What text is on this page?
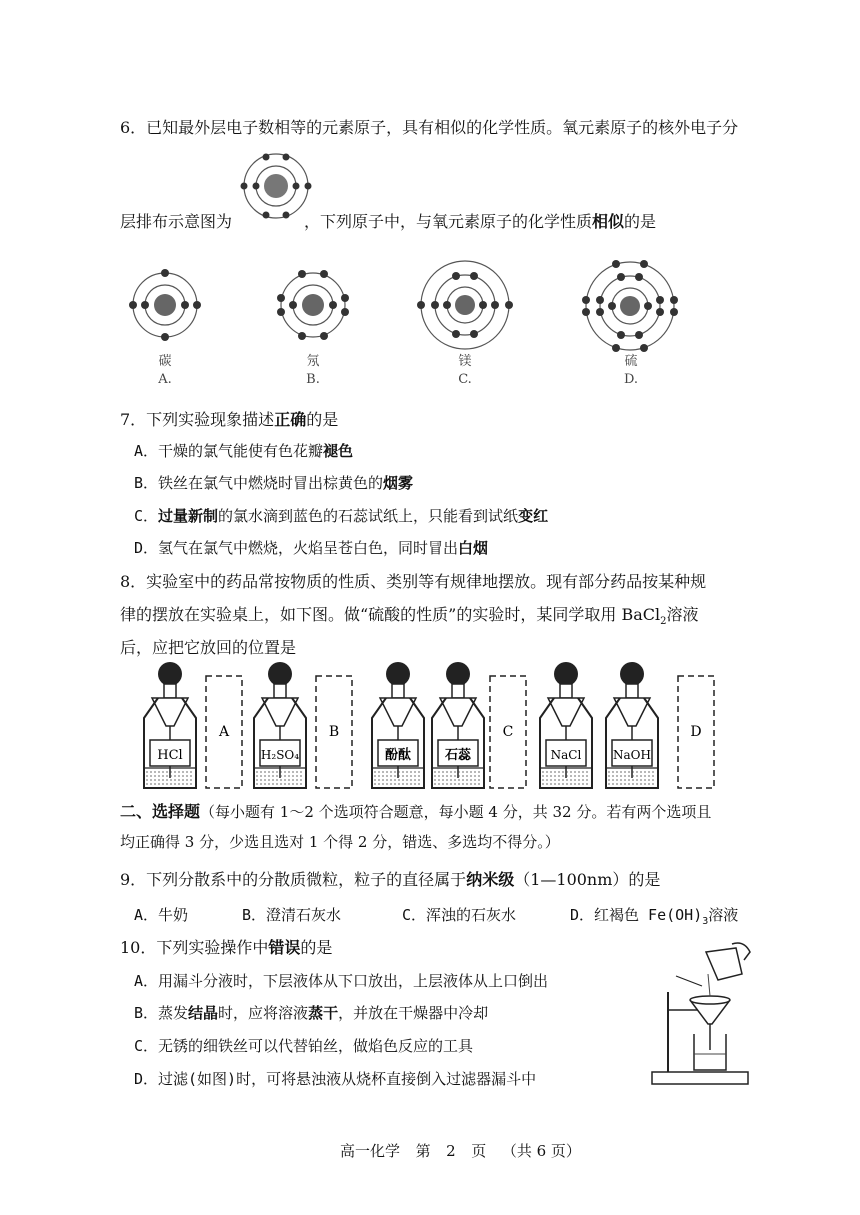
6．已知最外层电子数相等的元素原子，具有相似的化学性质。氧元素原子的核外电子分
层排布示意图为	，下列原子中，与氧元素原子的化学性质相似的是
碳
A.
氖
B.
镁
C.
硫
D.
7．下列实验现象描述正确的是
A．干燥的氯气能使有色花瓣褪色
B．铁丝在氯气中燃烧时冒出棕黄色的烟雾
C．过量新制的氯水滴到蓝色的石蕊试纸上，只能看到试纸变红
D．氢气在氯气中燃烧，火焰呈苍白色，同时冒出白烟
8．实验室中的药品常按物质的性质、类别等有规律地摆放。现有部分药品按某种规
律的摆放在实验桌上，如下图。做“硫酸的性质”的实验时，某同学取用 BaCl$_2$溶液
后，应把它放回的位置是
HCl	H₂SO₄	酚酞	石蕊	NaCl	NaOH
A	B	C	D
二、选择题（每小题有 1～2 个选项符合题意，每小题 4 分，共 32 分。若有两个选项且
均正确得 3 分，少选且选对 1 个得 2 分，错选、多选均不得分。）
9．下列分散系中的分散质微粒，粒子的直径属于纳米级（1—100nm）的是
A．牛奶	B．澄清石灰水	C．浑浊的石灰水	D．红褐色 $Fe(OH)_3$溶液
10．下列实验操作中错误的是
A．用漏斗分液时，下层液体从下口放出，上层液体从上口倒出
B．蒸发结晶时，应将溶液蒸干，并放在干燥器中冷却
C．无锈的细铁丝可以代替铂丝，做焰色反应的工具
D．过滤(如图)时，可将悬浊液从烧杯直接倒入过滤器漏斗中
高一化学 第 2 页 （共 6 页）
